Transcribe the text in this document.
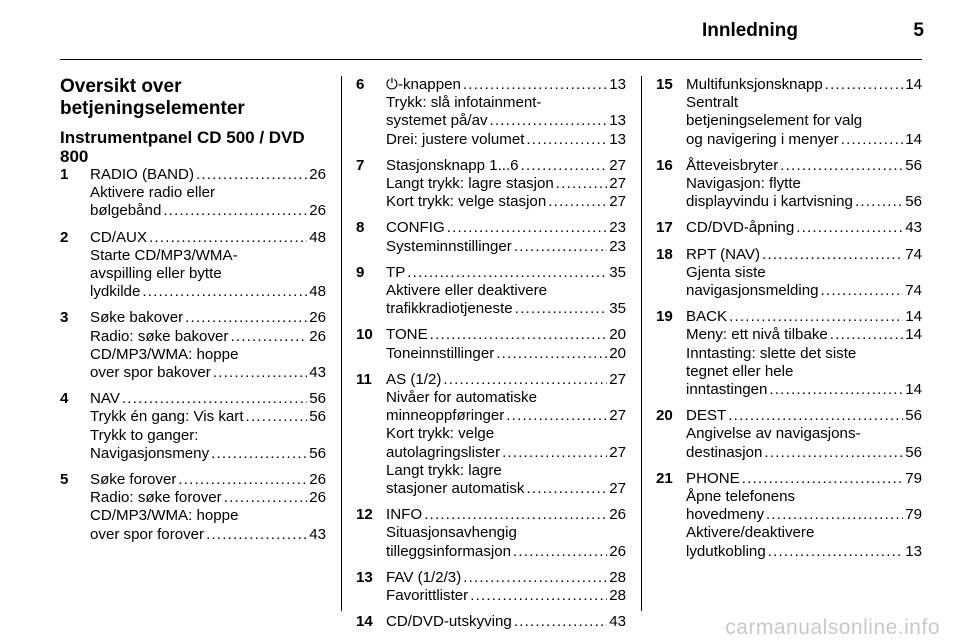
Innledning	5
Oversikt over betjeningselementer
Instrumentpanel CD 500 / DVD 800
1 RADIO (BAND) . . .	26
Aktivere radio eller
bølgebånd . . .	26
2 CD/AUX . . .	48
Starte CD/MP3/WMA-
avspilling eller bytte
lydkilde . . .	48
3 Søke bakover . . .	26
Radio: søke bakover . . .	26
CD/MP3/WMA: hoppe
over spor bakover . . .	43
4 NAV . . .	56
Trykk én gang: Vis kart . . .	56
Trykk to ganger:
Navigasjonsmeny . . .	56
5 Søke forover . . .	26
Radio: søke forover . . .	26
CD/MP3/WMA: hoppe
over spor forover . . .	43
6 ⏻-knappen . . .	13
Trykk: slå infotainment-
systemet på/av . . .	13
Drei: justere volumet . . .	13
7 Stasjonsknapp 1...6 . . .	27
Langt trykk: lagre stasjon . . .	27
Kort trykk: velge stasjon . . .	27
8 CONFIG . . .	23
Systeminnstillinger . . .	23
9 TP . . .	35
Aktivere eller deaktivere
trafikkradiotjeneste . . .	35
10 TONE . . .	20
Toneinnstillinger . . .	20
11 AS (1/2) . . .	27
Nivåer for automatiske
minneoppføringer . . .	27
Kort trykk: velge
autolagringslister . . .	27
Langt trykk: lagre
stasjoner automatisk . . .	27
12 INFO . . .	26
Situasjonsavhengig
tilleggsinformasjon . . .	26
13 FAV (1/2/3) . . .	28
Favorittlister . . .	28
14 CD/DVD-utskyving . . .	43
15 Multifunksjonsknapp . . .	14
Sentralt
betjeningselement for valg
og navigering i menyer . . .	14
16 Åtteveisbryter . . .	56
Navigasjon: flytte
displayvindu i kartvisning . . .	56
17 CD/DVD-åpning . . .	43
18 RPT (NAV) . . .	74
Gjenta siste
navigasjonsmelding . . .	74
19 BACK . . .	14
Meny: ett nivå tilbake . . .	14
Inntasting: slette det siste
tegnet eller hele
inntastingen . . .	14
20 DEST . . .	56
Angivelse av navigasjons-
destinasjon . . .	56
21 PHONE . . .	79
Åpne telefonens
hovedmeny . . .	79
Aktivere/deaktivere
lydutkobling . . .	13
carmanualsonline.info
